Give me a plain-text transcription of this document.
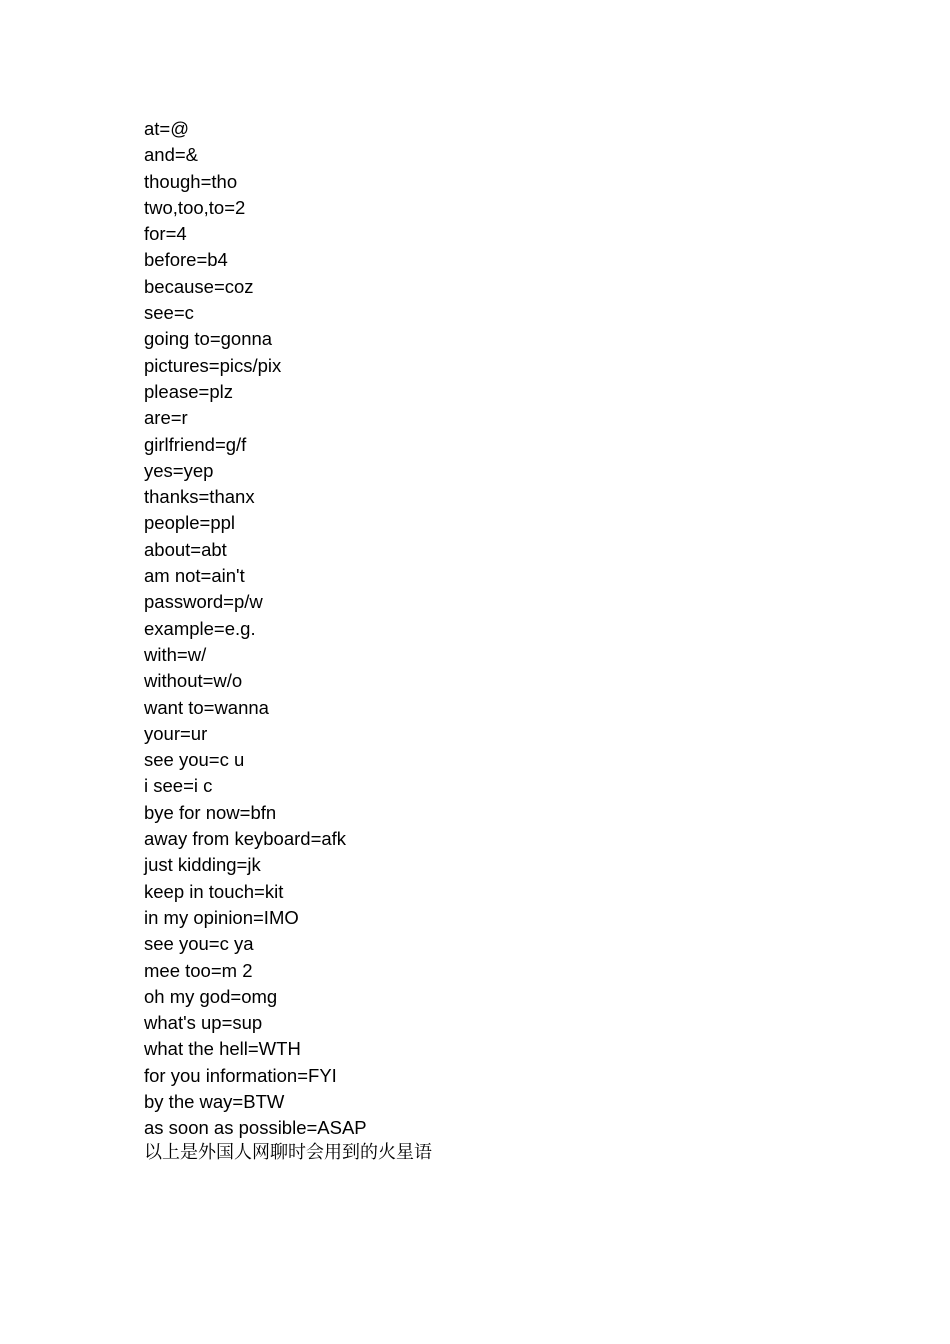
at=@
and=&
though=tho
two,too,to=2
for=4
before=b4
because=coz
see=c
going to=gonna
pictures=pics/pix
please=plz
are=r
girlfriend=g/f
yes=yep
thanks=thanx
people=ppl
about=abt
am not=ain't
password=p/w
example=e.g.
with=w/
without=w/o
want to=wanna
your=ur
see you=c u
i see=i c
bye for now=bfn
away from keyboard=afk
just kidding=jk
keep in touch=kit
in my opinion=IMO
see you=c ya
mee too=m 2
oh my god=omg
what's up=sup
what the hell=WTH
for you information=FYI
by the way=BTW
as soon as possible=ASAP
以上是外国人网聊时会用到的火星语
